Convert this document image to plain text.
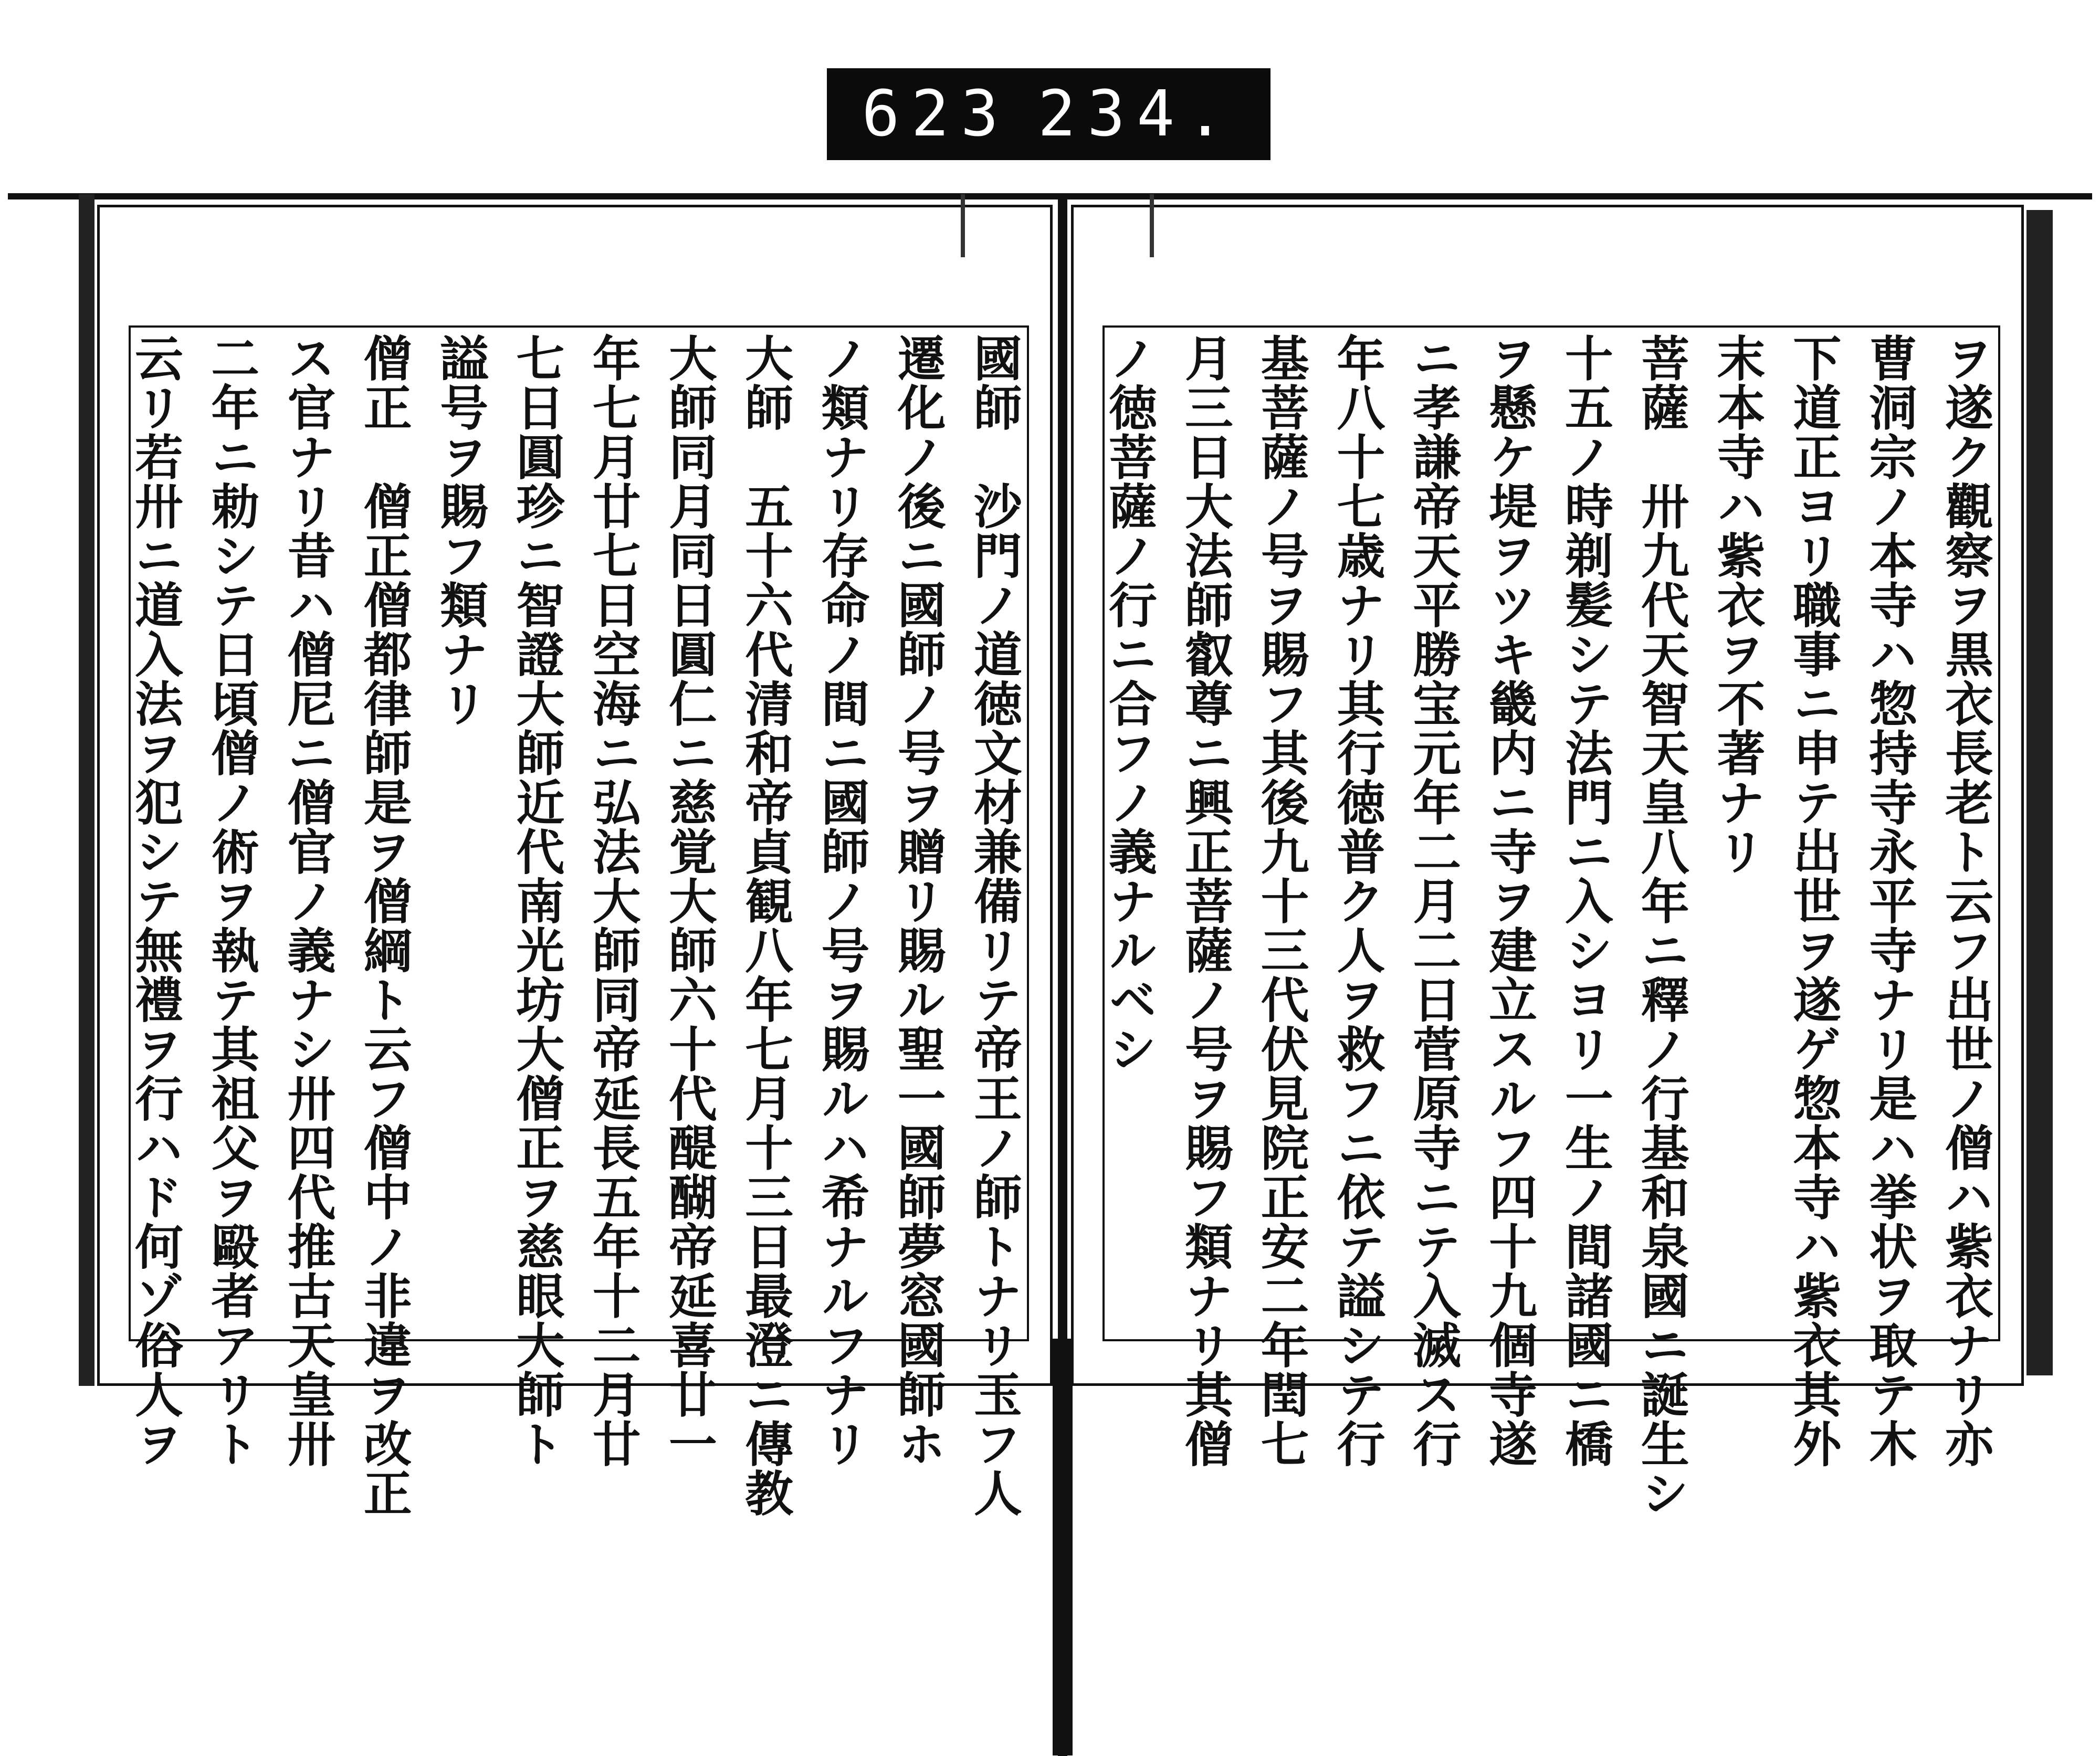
623 234.
國師　沙門ノ道徳文材兼備リテ帝王ノ師トナリ玉フ人
遷化ノ後ニ國師ノ号ヲ贈リ賜ル聖一國師夢窓國師ホ
ノ類ナリ存命ノ間ニ國師ノ号ヲ賜ルハ希ナルフナリ
大師　五十六代清和帝貞観八年七月十三日最澄ニ傳教
大師同月同日圓仁ニ慈覚大師六十代醍醐帝延喜廿一
年七月廿七日空海ニ弘法大師同帝延長五年十二月廿
七日圓珍ニ智證大師近代南光坊大僧正ヲ慈眼大師ト
謚号ヲ賜フ類ナリ
僧正　僧正僧都律師是ヲ僧綱ト云フ僧中ノ非違ヲ改正
ス官ナリ昔ハ僧尼ニ僧官ノ義ナシ卅四代推古天皇卅
二年ニ勅シテ日頃僧ノ術ヲ執テ其祖父ヲ毆者アリト
云リ若卅ニ道入法ヲ犯シテ無禮ヲ行ハド何ゾ俗人ヲ	ヲ遂ク觀察ヲ黒衣長老ト云フ出世ノ僧ハ紫衣ナリ亦
曹洞宗ノ本寺ハ惣持寺永平寺ナリ是ハ挙状ヲ取テ木
下道正ヨリ職事ニ申テ出世ヲ遂ゲ惣本寺ハ紫衣其外
末本寺ハ紫衣ヲ不著ナリ
菩薩　卅九代天智天皇八年ニ釋ノ行基和泉國ニ誕生シ
十五ノ時剃髪シテ法門ニ入シヨリ一生ノ間諸國ニ橋
ヲ懸ケ堤ヲツキ畿内ニ寺ヲ建立スルフ四十九個寺遂
ニ孝謙帝天平勝宝元年二月二日菅原寺ニテ入滅ス行
年八十七歳ナリ其行徳普ク人ヲ救フニ依テ謚シテ行
基菩薩ノ号ヲ賜フ其後九十三代伏見院正安二年閏七
月三日大法師叡尊ニ興正菩薩ノ号ヲ賜フ類ナリ其僧
ノ徳菩薩ノ行ニ合フノ義ナルベシ
